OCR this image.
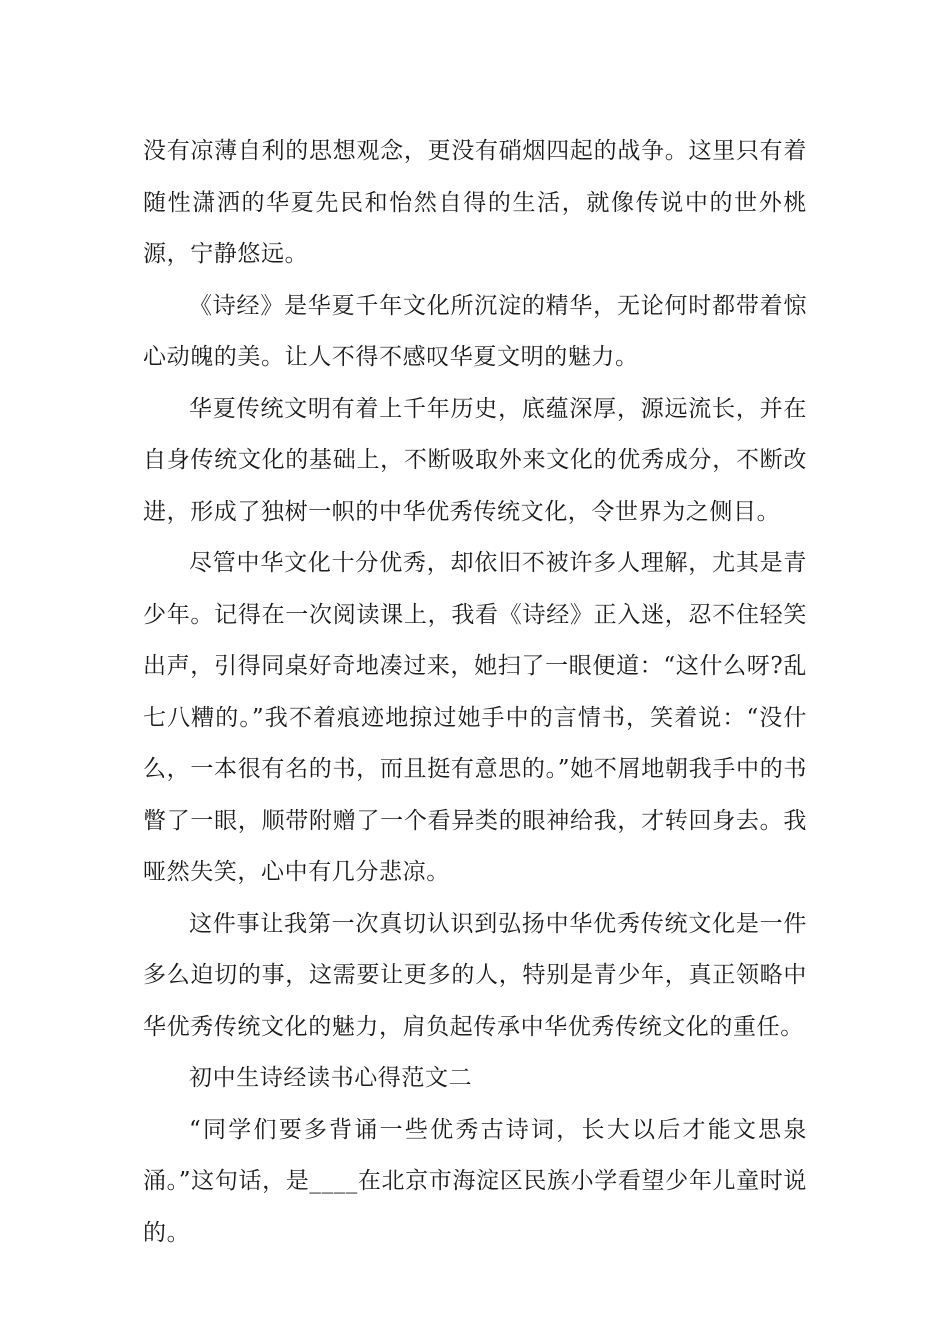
没有凉薄自利的思想观念，更没有硝烟四起的战争。这里只有着随性潇洒的华夏先民和怡然自得的生活，就像传说中的世外桃源，宁静悠远。

《诗经》是华夏千年文化所沉淀的精华，无论何时都带着惊心动魄的美。让人不得不感叹华夏文明的魅力。

华夏传统文明有着上千年历史，底蕴深厚，源远流长，并在自身传统文化的基础上，不断吸取外来文化的优秀成分，不断改进，形成了独树一帜的中华优秀传统文化，令世界为之侧目。

尽管中华文化十分优秀，却依旧不被许多人理解，尤其是青少年。记得在一次阅读课上，我看《诗经》正入迷，忍不住轻笑出声，引得同桌好奇地凑过来，她扫了一眼便道：“这什么呀?乱七八糟的。”我不着痕迹地掠过她手中的言情书，笑着说：“没什么，一本很有名的书，而且挺有意思的。”她不屑地朝我手中的书瞥了一眼，顺带附赠了一个看异类的眼神给我，才转回身去。我哑然失笑，心中有几分悲凉。

这件事让我第一次真切认识到弘扬中华优秀传统文化是一件多么迫切的事，这需要让更多的人，特别是青少年，真正领略中华优秀传统文化的魅力，肩负起传承中华优秀传统文化的重任。

初中生诗经读书心得范文二

“同学们要多背诵一些优秀古诗词，长大以后才能文思泉涌。”这句话，是____在北京市海淀区民族小学看望少年儿童时说的。
